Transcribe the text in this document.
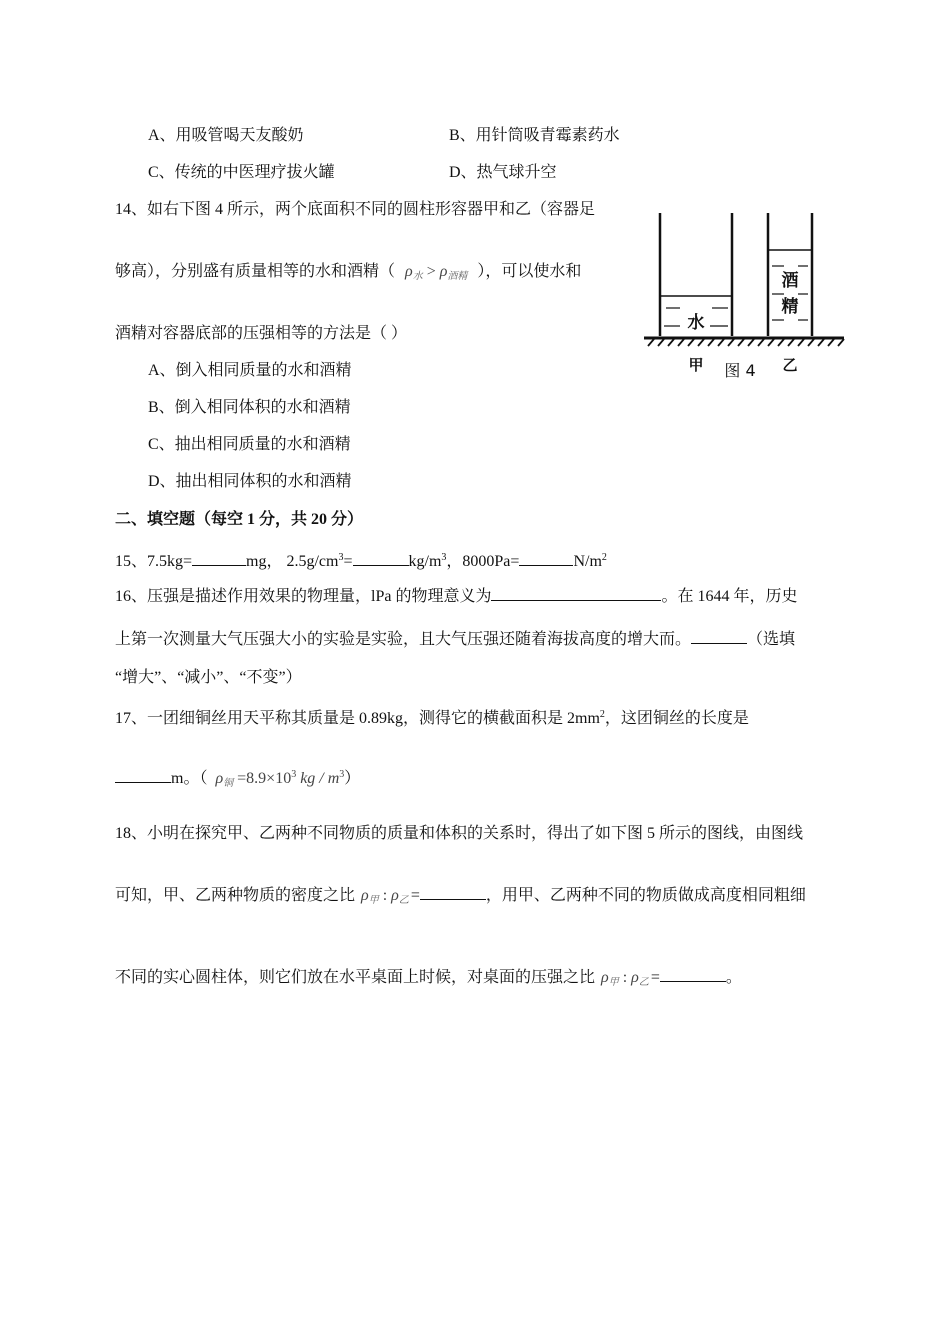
A、用吸管喝天友酸奶	B、用针筒吸青霉素药水
C、传统的中医理疗拔火罐	D、热气球升空
14、如右下图 4 所示，两个底面积不同的圆柱形容器甲和乙（容器足
够高），分别盛有质量相等的水和酒精（ $\rho_水 > \rho_{酒精}$ ），可以使水和
酒精对容器底部的压强相等的方法是（ ）
A、倒入相同质量的水和酒精
B、倒入相同体积的水和酒精
C、抽出相同质量的水和酒精
D、抽出相同体积的水和酒精
水
酒
精
甲 图 4 乙
二、填空题（每空 1 分，共 20 分）
15、7.5kg=	mg， $2.5g/cm^3=$	$kg/m^3$，8000Pa=	$N/m^2$
16、压强是描述作用效果的物理量，lPa 的物理意义为	。在 1644 年，历史
上第一次测量大气压强大小的实验是实验，且大气压强还随着海拔高度的增大而。	（选填
“增大”、“减小”、“不变”）
17、一团细铜丝用天平称其质量是 0.89kg，测得它的横截面积是 $2mm^2$，这团铜丝的长度是
m。（ $\rho_铜 =8.9\times 10^3$ kg / $m^3$）
18、小明在探究甲、乙两种不同物质的质量和体积的关系时，得出了如下图 5 所示的图线，由图线
可知，甲、乙两种物质的密度之比 $\rho_甲$ : $\rho_乙$ =	，用甲、乙两种不同的物质做成高度相同粗细
不同的实心圆柱体，则它们放在水平桌面上时候，对桌面的压强之比 $\rho_甲$ : $\rho_乙$ =	。
